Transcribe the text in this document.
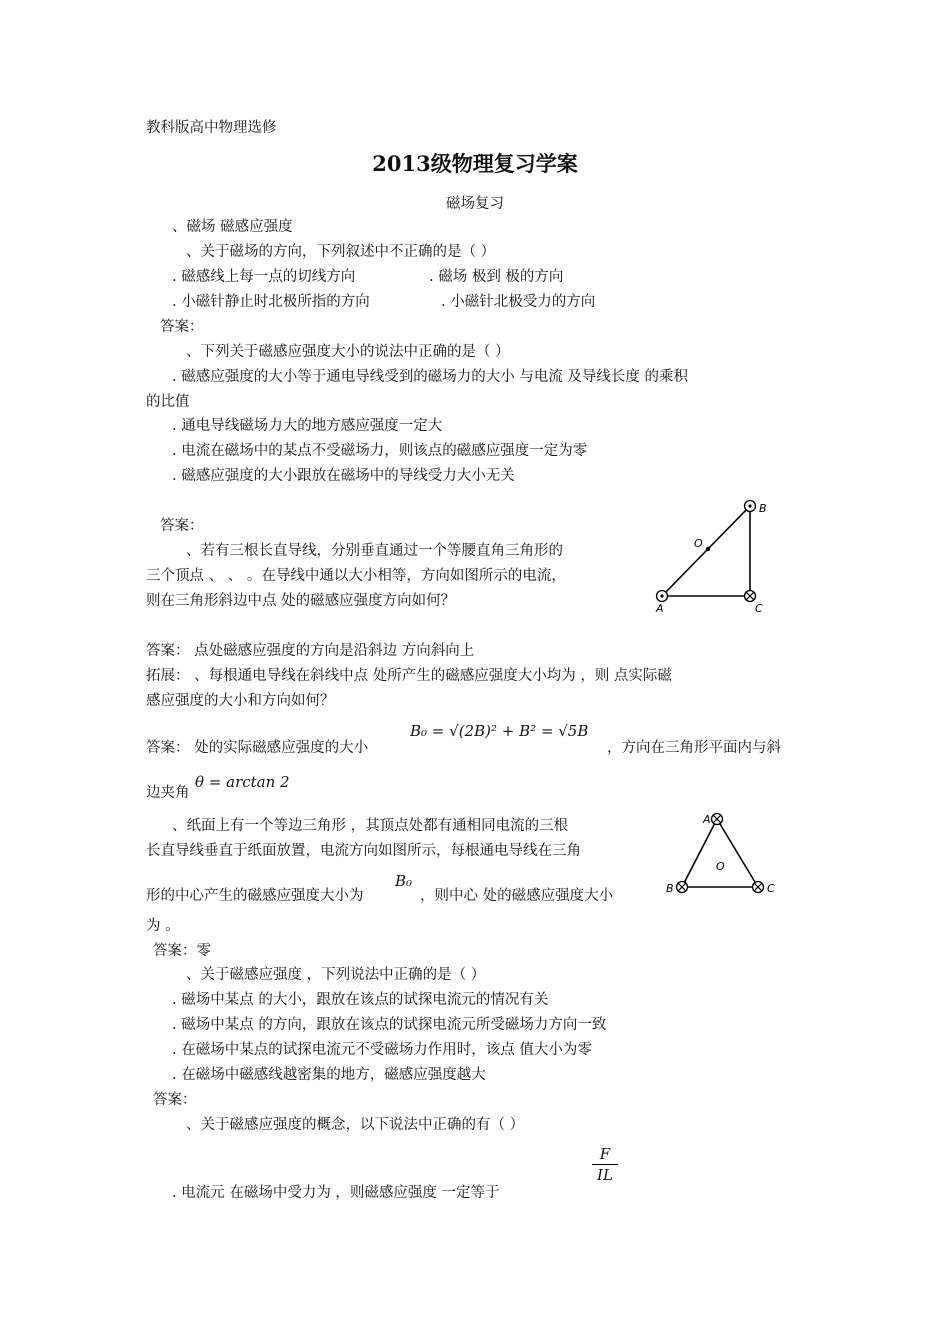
教科版高中物理选修
2013级物理复习学案
磁场复习
、磁场 磁感应强度
、关于磁场的方向，下列叙述中不正确的是（ ）
. 磁感线上每一点的切线方向	. 磁场 极到 极的方向
. 小磁针静止时北极所指的方向	. 小磁针北极受力的方向
答案：
、下列关于磁感应强度大小的说法中正确的是（ ）
. 磁感应强度的大小等于通电导线受到的磁场力的大小 与电流 及导线长度 的乘积
的比值
. 通电导线磁场力大的地方感应强度一定大
. 电流在磁场中的某点不受磁场力，则该点的磁感应强度一定为零
. 磁感应强度的大小跟放在磁场中的导线受力大小无关
答案：
、若有三根长直导线，分别垂直通过一个等腰直角三角形的
三个顶点 、 、 。在导线中通以大小相等，方向如图所示的电流，
则在三角形斜边中点 处的磁感应强度方向如何？
B
O
A	C
答案： 点处磁感应强度的方向是沿斜边 方向斜向上
拓展： 、每根通电导线在斜线中点 处所产生的磁感应强度大小均为 ，则 点实际磁
感应强度的大小和方向如何？
答案： 处的实际磁感应强度的大小
B₀ = √(2B)² + B² = √5B
，方向在三角形平面内与斜
边夹角
θ = arctan 2
、纸面上有一个等边三角形 ，其顶点处都有通相同电流的三根
长直导线垂直于纸面放置，电流方向如图所示，每根通电导线在三角
形的中心产生的磁感应强度大小为
B₀
，则中心 处的磁感应强度大小
为 。
A
O
B	C
答案：零
、关于磁感应强度 ，下列说法中正确的是（ ）
. 磁场中某点 的大小，跟放在该点的试探电流元的情况有关
. 磁场中某点 的方向，跟放在该点的试探电流元所受磁场力方向一致
. 在磁场中某点的试探电流元不受磁场力作用时，该点 值大小为零
. 在磁场中磁感线越密集的地方，磁感应强度越大
答案：
、关于磁感应强度的概念，以下说法中正确的有（ ）
. 电流元 在磁场中受力为 ，则磁感应强度 一定等于
F
IL
